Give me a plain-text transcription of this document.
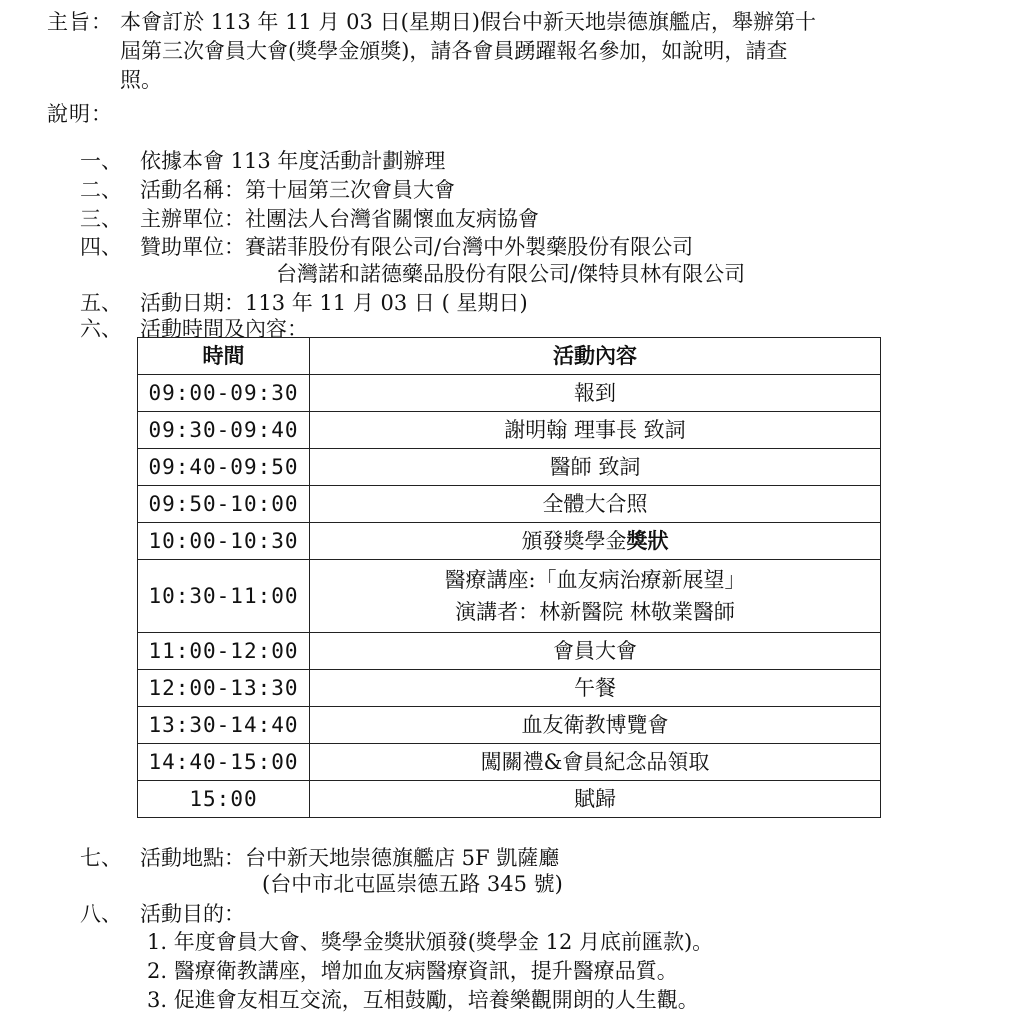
主旨： 本會訂於 113 年 11 月 03 日(星期日)假台中新天地崇德旗艦店，舉辦第十
屆第三次會員大會(獎學金頒獎)，請各會員踴躍報名參加，如說明，請查
照。
說明：
一、 依據本會 113 年度活動計劃辦理
二、 活動名稱：第十屆第三次會員大會
三、 主辦單位：社團法人台灣省關懷血友病協會
四、 贊助單位：賽諾菲股份有限公司/台灣中外製藥股份有限公司
台灣諾和諾德藥品股份有限公司/傑特貝林有限公司
五、 活動日期：113 年 11 月 03 日 ( 星期日)
六、 活動時間及內容：
時間	活動內容
09:00-09:30	報到
09:30-09:40	謝明翰 理事長 致詞
09:40-09:50	醫師 致詞
09:50-10:00	全體大合照
10:00-10:30	頒發獎學金獎狀
10:30-11:00	醫療講座:「血友病治療新展望」
演講者：林新醫院 林敬業醫師

11:00-12:00	會員大會
12:00-13:30	午餐
13:30-14:40	血友衛教博覽會
14:40-15:00	闖關禮&會員紀念品領取
15:00	賦歸
七、 活動地點：台中新天地崇德旗艦店 5F 凱薩廳
(台中市北屯區崇德五路 345 號)
八、 活動目的：
1. 年度會員大會、獎學金獎狀頒發(獎學金 12 月底前匯款)。
2. 醫療衛教講座，增加血友病醫療資訊，提升醫療品質。
3. 促進會友相互交流，互相鼓勵，培養樂觀開朗的人生觀。
